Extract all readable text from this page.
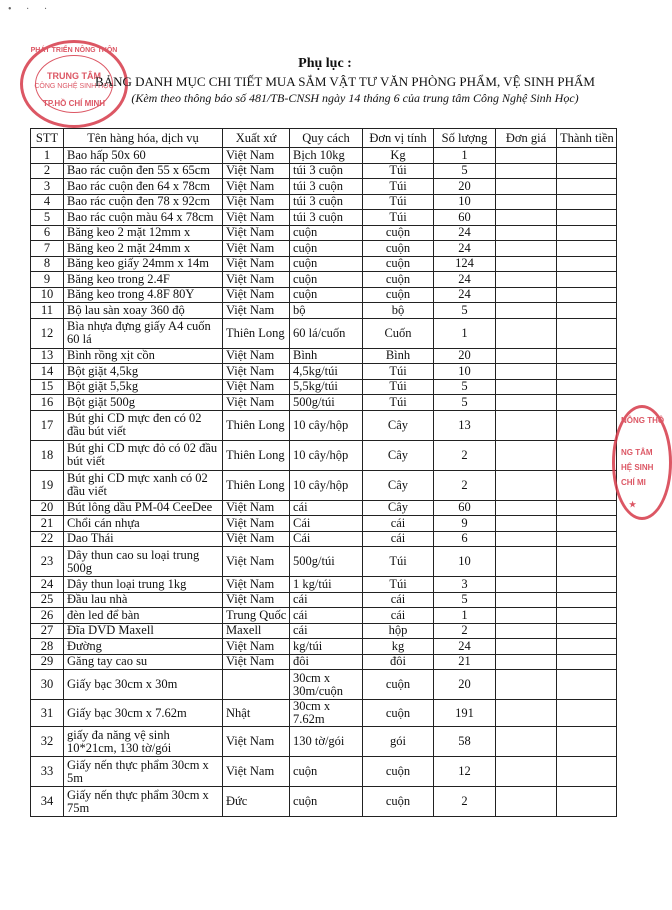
• · ·
PHÁT TRIỂN NÔNG THÔN
TRUNG TÂM
CÔNG NGHỆ SINH HỌC
TP.HỒ CHÍ MINH
Phụ lục :
BẢNG DANH MỤC CHI TIẾT MUA SẮM VẬT TƯ VĂN PHÒNG PHẨM, VỆ SINH PHẨM
(Kèm theo thông báo số 481/TB-CNSH ngày 14 tháng 6 của trung tâm Công Nghệ Sinh Học)
STT	Tên hàng hóa, dịch vụ	Xuất xứ	Quy cách	Đơn vị tính	Số lượng	Đơn giá	Thành tiền
1	Bao hấp 50x 60	Việt Nam	Bịch 10kg	Kg	1		
2	Bao rác cuộn đen 55 x 65cm	Việt Nam	túi 3 cuộn	Túi	5		
3	Bao rác cuộn đen 64 x 78cm	Việt Nam	túi 3 cuộn	Túi	20		
4	Bao rác cuộn đen 78 x 92cm	Việt Nam	túi 3 cuộn	Túi	10		
5	Bao rác cuộn màu 64 x 78cm	Việt Nam	túi 3 cuộn	Túi	60		
6	Băng keo 2 mặt 12mm x	Việt Nam	cuộn	cuộn	24		
7	Băng keo 2 mặt 24mm x	Việt Nam	cuộn	cuộn	24		
8	Băng keo giấy 24mm x 14m	Việt Nam	cuộn	cuộn	124		
9	Băng keo trong 2.4F	Việt Nam	cuộn	cuộn	24		
10	Băng keo trong 4.8F 80Y	Việt Nam	cuộn	cuộn	24		
11	Bộ lau sàn xoay 360 độ	Việt Nam	bộ	bộ	5		
12	Bìa nhựa đựng giấy A4 cuốn 60 lá	Thiên Long	60 lá/cuốn	Cuốn	1		
13	Bình rồng xịt cồn	Việt Nam	Bình	Bình	20		
14	Bột giặt 4,5kg	Việt Nam	4,5kg/túi	Túi	10		
15	Bột giặt 5,5kg	Việt Nam	5,5kg/túi	Túi	5		
16	Bột giặt 500g	Việt Nam	500g/túi	Túi	5		
17	Bút ghi CD mực đen có 02 đầu bút viết	Thiên Long	10 cây/hộp	Cây	13		
18	Bút ghi CD mực đỏ có 02 đầu bút viết	Thiên Long	10 cây/hộp	Cây	2		
19	Bút ghi CD mực xanh có 02 đầu viết	Thiên Long	10 cây/hộp	Cây	2		
20	Bút lông dầu PM-04 CeeDee	Việt Nam	cái	Cây	60		
21	Chổi cán nhựa	Việt Nam	Cái	cái	9		
22	Dao Thái	Việt Nam	Cái	cái	6		
23	Dây thun cao su loại trung 500g	Việt Nam	500g/túi	Túi	10		
24	Dây thun loại trung 1kg	Việt Nam	1 kg/túi	Túi	3		
25	Đầu lau nhà	Việt Nam	cái	cái	5		
26	đèn led để bàn	Trung Quốc	cái	cái	1		
27	Đĩa DVD Maxell	Maxell	cái	hộp	2		
28	Đường	Việt Nam	kg/túi	kg	24		
29	Găng tay cao su	Việt Nam	đôi	đôi	21		
30	Giấy bạc 30cm x 30m		30cm x 30m/cuộn	cuộn	20		
31	Giấy bạc 30cm x 7.62m	Nhật	30cm x 7.62m	cuộn	191		
32	giấy đa năng vệ sinh 10*21cm, 130 tờ/gói	Việt Nam	130 tờ/gói	gói	58		
33	Giấy nến thực phẩm 30cm x 5m	Việt Nam	cuộn	cuộn	12		
34	Giấy nến thực phẩm 30cm x 75m	Đức	cuộn	cuộn	2		
NÔNG THÔ
NG TÂM
HỆ SINH
CHÍ MI
★
